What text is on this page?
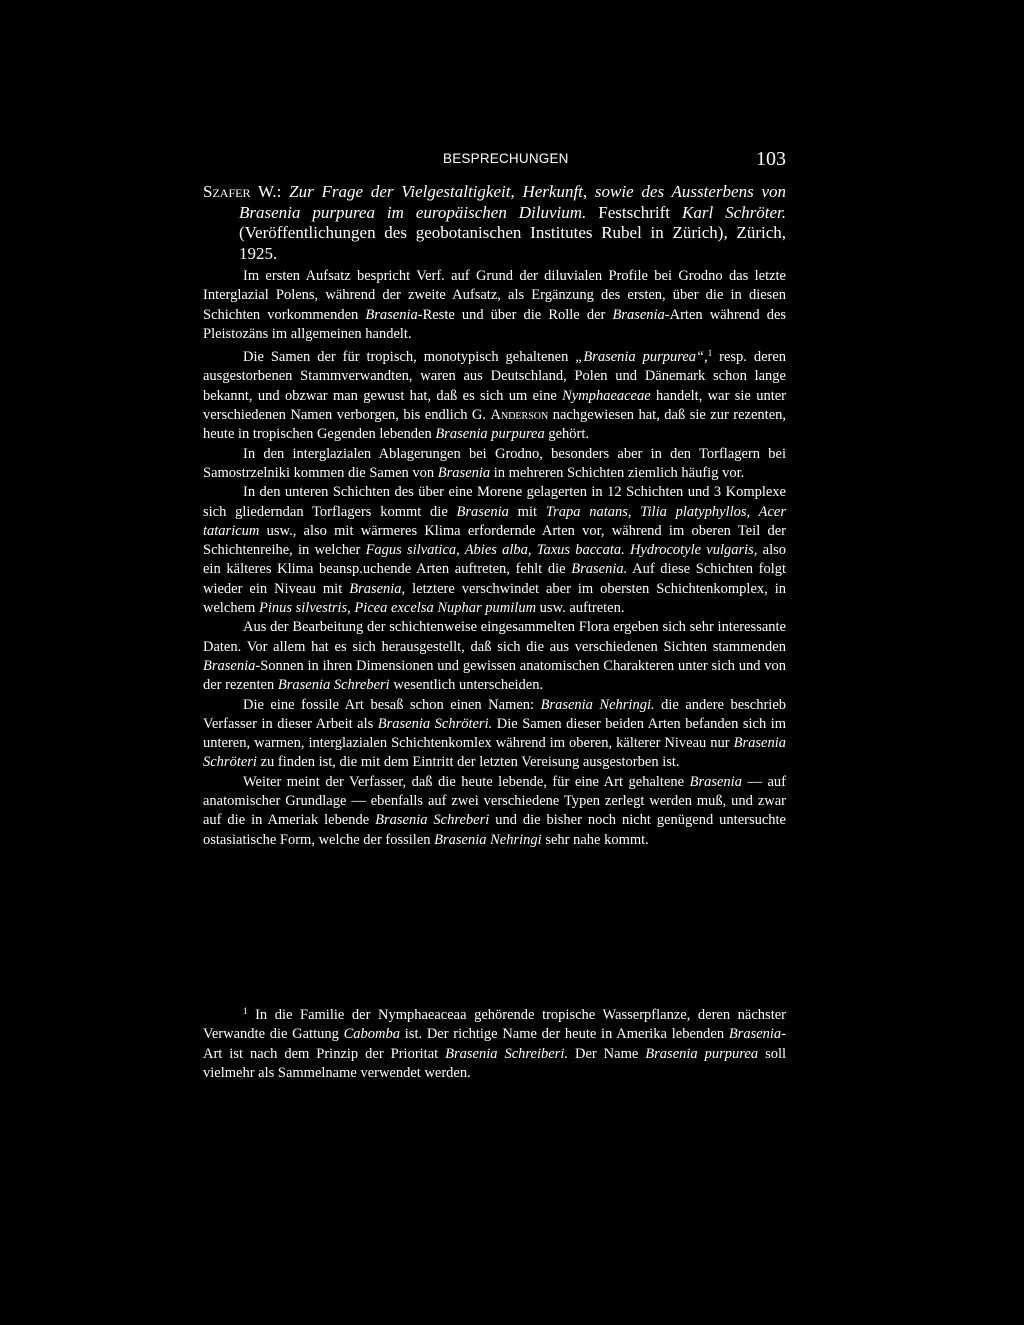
BESPRECHUNGEN	103

Szafer W.: Zur Frage der Vielgestaltigkeit, Herkunft, sowie des Aussterbens von Brasenia purpurea im europäischen Diluvium. Festschrift Karl Schröter. (Veröffentlichungen des geobotanischen Institutes Rubel in Zürich), Zürich, 1925.

Im ersten Aufsatz bespricht Verf. auf Grund der diluvialen Profile bei Grodno das letzte Interglazial Polens, während der zweite Aufsatz, als Ergänzung des ersten, über die in diesen Schichten vorkommenden Brasenia-Reste und über die Rolle der Brasenia-Arten während des Pleistozäns im allgemeinen handelt.

Die Samen der für tropisch, monotypisch gehaltenen „Brasenia purpurea“,$^1$ resp. deren ausgestorbenen Stammverwandten, waren aus Deutschland, Polen und Dänemark schon lange bekannt, und obzwar man gewust hat, daß es sich um eine Nymphaeaceae handelt, war sie unter verschiedenen Namen verborgen, bis endlich G. Anderson nachgewiesen hat, daß sie zur rezenten, heute in tropischen Gegenden lebenden Brasenia purpurea gehört.

In den interglazialen Ablagerungen bei Grodno, besonders aber in den Torflagern bei Samostrzelniki kommen die Samen von Brasenia in mehreren Schichten ziemlich häufig vor.

In den unteren Schichten des über eine Morene gelagerten in 12 Schichten und 3 Komplexe sich gliederndan Torflagers kommt die Brasenia mit Trapa natans, Tilia platyphyllos, Acer tataricum usw., also mit wärmeres Klima erfordernde Arten vor, während im oberen Teil der Schichtenreihe, in welcher Fagus silvatica, Abies alba, Taxus baccata. Hydrocotyle vulgaris, also ein kälteres Klima beansp.uchende Arten auftreten, fehlt die Brasenia. Auf diese Schichten folgt wieder ein Niveau mit Brasenia, letztere verschwindet aber im obersten Schichtenkomplex, in welchem Pinus silvestris, Picea excelsa Nuphar pumilum usw. auftreten.

Aus der Bearbeitung der schichtenweise eingesammelten Flora ergeben sich sehr interessante Daten. Vor allem hat es sich herausgestellt, daß sich die aus verschiedenen Sichten stammenden Brasenia-Sonnen in ihren Dimensionen und gewissen anatomischen Charakteren unter sich und von der rezenten Brasenia Schreberi wesentlich unterscheiden.

Die eine fossile Art besaß schon einen Namen: Brasenia Nehringi. die andere beschrieb Verfasser in dieser Arbeit als Brasenia Schröteri. Die Samen dieser beiden Arten befanden sich im unteren, warmen, interglazialen Schichtenkomlex während im oberen, kälterer Niveau nur Brasenia Schröteri zu finden ist, die mit dem Eintritt der letzten Vereisung ausgestorben ist.

Weiter meint der Verfasser, daß die heute lebende, für eine Art gehaltene Brasenia — auf anatomischer Grundlage — ebenfalls auf zwei verschiedene Typen zerlegt werden muß, und zwar auf die in Ameriak lebende Brasenia Schreberi und die bisher noch nicht genügend untersuchte ostasiatische Form, welche der fossilen Brasenia Nehringi sehr nahe kommt.

$^1$ In die Familie der Nymphaeaceaa gehörende tropische Wasserpflanze, deren nächster Verwandte die Gattung Cabomba ist. Der richtige Name der heute in Amerika lebenden Brasenia-Art ist nach dem Prinzip der Prioritat Brasenia Schreiberi. Der Name Brasenia purpurea soll vielmehr als Sammelname verwendet werden.
